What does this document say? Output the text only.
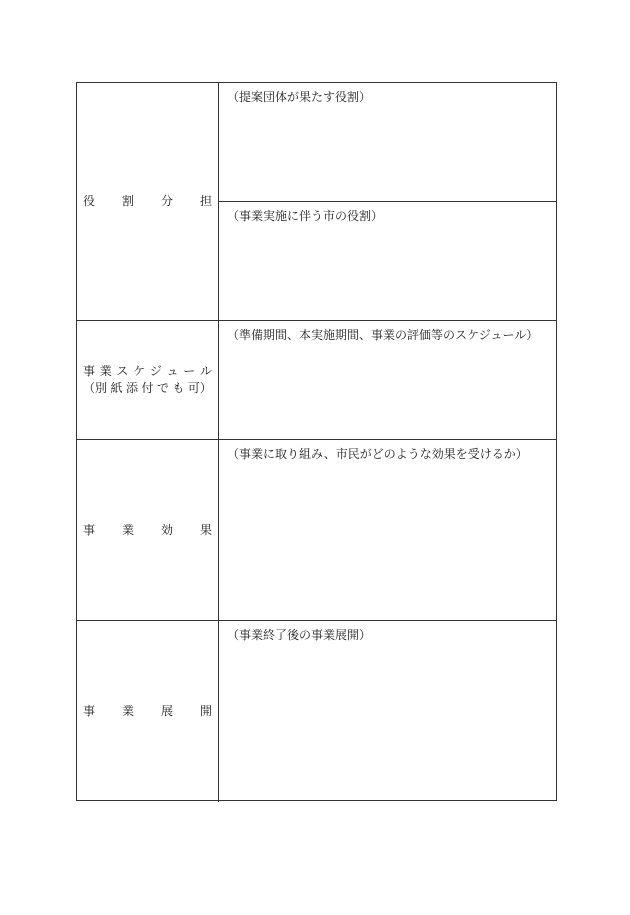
役 割 分 担
（提案団体が果たす役割）
（事業実施に伴う市の役割）
事 業 ス ケ ジ ュ ー ル
（別 紙 添 付 で も 可）
（準備期間、本実施期間、事業の評価等のスケジュール）
事 業 効 果
（事業に取り組み、市民がどのような効果を受けるか）
事 業 展 開
（事業終了後の事業展開）
